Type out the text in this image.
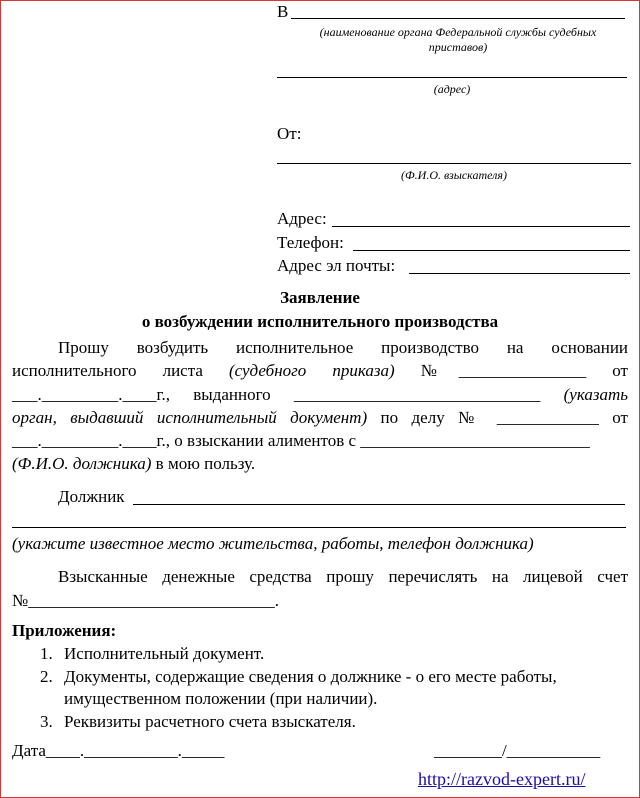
В
(наименование органа Федеральной службы судебных приставов)
(адрес)
От:
(Ф.И.О. взыскателя)
Адрес:
Телефон:
Адрес эл почты:
Заявление
о возбуждении исполнительного производства
Прошу возбудить исполнительное производство на основании
исполнительного листа (судебного приказа) №_______________ от
___._________.____г., выданного _____________________________ (указать
орган, выдавший исполнительный документ) по делу № ____________ от
___._________.____г., о взыскании алиментов с ___________________________
(Ф.И.О. должника) в мою пользу.
Должник
(укажите известное место жительства, работы, телефон должника)
Взысканные денежные средства прошу перечислять на лицевой счет
№_____________________________.
Приложения:
1. Исполнительный документ.
2. Документы, содержащие сведения о должнике - о его месте работы,
имущественном положении (при наличии).
3. Реквизиты расчетного счета взыскателя.
Дата____.___________._____	________/___________
http://razvod-expert.ru/
